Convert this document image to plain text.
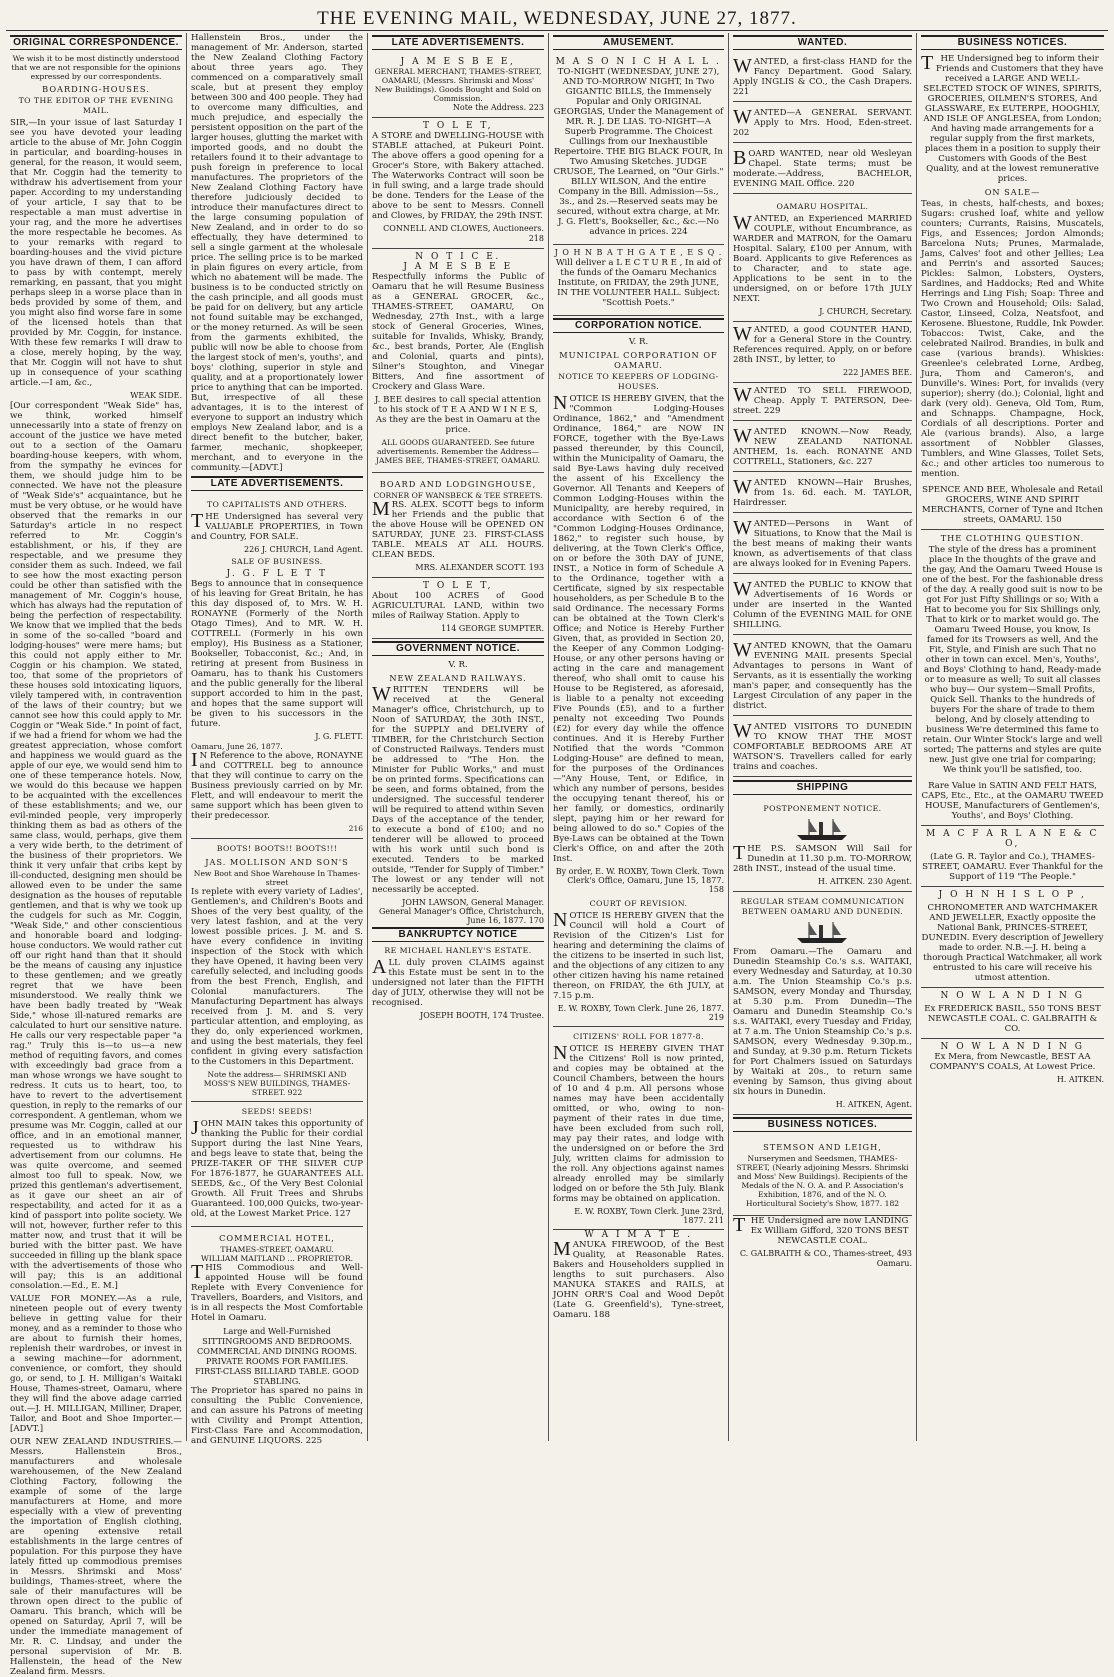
THE EVENING MAIL, WEDNESDAY, JUNE 27, 1877.
ORIGINAL CORRESPONDENCE.
We wish it to be most distinctly understood that we are not responsible for the opinions expressed by our correspondents.
BOARDING-HOUSES.
TO THE EDITOR OF THE EVENING MAIL.

SIR,—In your issue of last Saturday I see you have devoted your leading article to the abuse of Mr. John Coggin in particular, and boarding-houses in general, for the reason, it would seem, that Mr. Coggin had the temerity to withdraw his advertisement from your paper. According to my understanding of your article, I say that to be respectable a man must advertise in your rag, and the more he advertises the more respectable he becomes. As to your remarks with regard to boarding-houses and the vivid picture you have drawn of them, I can afford to pass by with contempt, merely remarking, en passant, that you might perhaps sleep in a worse place than in beds provided by some of them, and you might also find worse fare in some of the licensed hotels than that provided by Mr. Coggin, for instance. With these few remarks I will draw to a close, merely hoping, by the way, that Mr. Coggin will not have to shut up in consequence of your scathing article.—I am, &c.,

WEAK SIDE.

[Our correspondent "Weak Side" has, we think, worked himself unnecessarily into a state of frenzy on account of the justice we have meted out to a section of the Oamaru boarding-house keepers, with whom, from the sympathy he evinces for them, we should judge him to be connected. We have not the pleasure of "Weak Side's" acquaintance, but he must be very obtuse, or he would have observed that the remarks in our Saturday's article in no respect referred to Mr. Coggin's establishment, or his, if they are respectable, and we presume they consider them as such. Indeed, we fail to see how the most exacting person could be other than satisfied with the management of Mr. Coggin's house, which has always had the reputation of being the perfection of respectability. We know that we implied that the beds in some of the so-called "board and lodging-houses" were mere hams; but this could not apply either to Mr. Coggin or his champion. We stated, too, that some of the proprietors of these houses sold intoxicating liquors, vilely tampered with, in contravention of the laws of their country; but we cannot see how this could apply to Mr. Coggin or "Weak Side." In point of fact, if we had a friend for whom we had the greatest appreciation, whose comfort and happiness we would guard as the apple of our eye, we would send him to one of these temperance hotels. Now, we would do this because we happen to be acquainted with the excellences of these establishments; and we, our evil-minded people, very improperly thinking them as bad as others of the same class, would, perhaps, give them a very wide berth, to the detriment of the business of their proprietors. We think it very unfair that cribs kept by ill-conducted, designing men should be allowed even to be under the same designation as the houses of reputable gentlemen, and that is why we took up the cudgels for such as Mr. Coggin, "Weak Side," and other conscientious and honorable board and lodging-house conductors. We would rather cut off our right hand than that it should be the means of causing any injustice to these gentlemen; and we greatly regret that we have been misunderstood. We really think we have been badly treated by "Weak Side," whose ill-natured remarks are calculated to hurt our sensitive nature. He calls our very respectable paper "a rag." Truly this is—to us—a new method of requiting favors, and comes with exceedingly bad grace from a man whose wrongs we have sought to redress. It cuts us to heart, too, to have to revert to the advertisement question, in reply to the remarks of our correspondent. A gentleman, whom we presume was Mr. Coggin, called at our office, and in an emotional manner, requested us to withdraw his advertisement from our columns. He was quite overcome, and seemed almost too full to speak. Now, we prized this gentleman's advertisement, as it gave our sheet an air of respectability, and acted for it as a kind of passport into polite society. We will not, however, further refer to this matter now, and trust that it will be buried with the bitter past. We have succeeded in filling up the blank space with the advertisements of those who will pay; this is an additional consolation.—Ed., E. M.]

VALUE FOR MONEY.—As a rule, nineteen people out of every twenty believe in getting value for their money, and as a reminder to those who are about to furnish their homes, replenish their wardrobes, or invest in a sewing machine—for adornment, convenience, or comfort, they should go, or send, to J. H. Milligan's Waitaki House, Thames-street, Oamaru, where they will find the above adage carried out.—J. H. MILLIGAN, Milliner, Draper, Tailor, and Boot and Shoe Importer.—[ADVT.]

OUR NEW ZEALAND INDUSTRIES.—Messrs. Hallenstein Bros., manufacturers and wholesale warehousemen, of the New Zealand Clothing Factory, following the example of some of the large manufacturers at Home, and more especially with a view of preventing the importation of English clothing, are opening extensive retail establishments in the large centres of population. For this purpose they have lately fitted up commodious premises in Messrs. Shrimski and Moss' buildings, Thames-street, where the sale of their manufactures will be thrown open direct to the public of Oamaru. This branch, which will be opened on Saturday, April 7, will be under the immediate management of Mr. R. C. Lindsay, and under the personal supervision of Mr. B. Hallenstein, the head of the New Zealand firm. Messrs.

Hallenstein Bros., under the management of Mr. Anderson, started the New Zealand Clothing Factory about three years ago. They commenced on a comparatively small scale, but at present they employ between 300 and 400 people. They had to overcome many difficulties, and much prejudice, and especially the persistent opposition on the part of the larger houses, glutting the market with imported goods, and no doubt the retailers found it to their advantage to push foreign in preference to local manufactures. The proprietors of the New Zealand Clothing Factory have therefore judiciously decided to introduce their manufactures direct to the large consuming population of New Zealand, and in order to do so effectually, they have determined to sell a single garment at the wholesale price. The selling price is to be marked in plain figures on every article, from which no abatement will be made. The business is to be conducted strictly on the cash principle, and all goods must be paid for on delivery, but any article not found suitable may be exchanged, or the money returned. As will be seen from the garments exhibited, the public will now be able to choose from the largest stock of men's, youths', and boys' clothing, superior in style and quality, and at a proportionately lower price to anything that can be imported. But, irrespective of all these advantages, it is to the interest of everyone to support an industry which employs New Zealand labor, and is a direct benefit to the butcher, baker, farmer, mechanic, shopkeeper, merchant, and to everyone in the community.—[ADVT.]

LATE ADVERTISEMENTS.
TO CAPITALISTS AND OTHERS.

THE Undersigned has several very VALUABLE PROPERTIES, in Town and Country, FOR SALE.

226 J. CHURCH, Land Agent.
SALE OF BUSINESS.
J. G. F L E T T

Begs to announce that in consequence of his leaving for Great Britain, he has this day disposed of, to Mrs. W. H. RONAYNE (Formerly of the North Otago Times), And to MR. W. H. COTTRELL (Formerly in his own employ), His Business as a Stationer, Bookseller, Tobacconist, &c.; And, in retiring at present from Business in Oamaru, has to thank his Customers and the public generally for the liberal support accorded to him in the past, and hopes that the same support will be given to his successors in the future.

J. G. FLETT.
Oamaru, June 26, 1877.

IN Reference to the above, RONAYNE and COTTRELL beg to announce that they will continue to carry on the Business previously carried on by Mr. Flett, and will endeavour to merit the same support which has been given to their predecessor.

216
BOOTS! BOOTS!! BOOTS!!!
JAS. MOLLISON AND SON'S
New Boot and Shoe Warehouse In Thames-street

Is replete with every variety of Ladies', Gentlemen's, and Children's Boots and Shoes of the very best quality, of the very latest fashion, and at the very lowest possible prices. J. M. and S. have every confidence in inviting inspection of the Stock with which they have Opened, it having been very carefully selected, and including goods from the best French, English, and Colonial manufacturers. The Manufacturing Department has always received from J. M. and S. very particular attention, and employing, as they do, only experienced workmen, and using the best materials, they feel confident in giving every satisfaction to the Customers in this Department.

Note the address— SHRIMSKI AND MOSS'S NEW BUILDINGS, THAMES-STREET. 922
SEEDS! SEEDS!

JOHN MAIN takes this opportunity of thanking the Public for their cordial Support during the last Nine Years, and begs leave to state that, being the PRIZE-TAKER OF THE SILVER CUP For 1876-1877, he GUARANTEES ALL SEEDS, &c., Of the Very Best Colonial Growth. All Fruit Trees and Shrubs Guaranteed. 100,000 Quicks, two-year-old, at the Lowest Market Price. 127

COMMERCIAL HOTEL,
THAMES-STREET, OAMARU.
WILLIAM MAITLAND ... PROPRIETOR.

THIS Commodious and Well-appointed House will be found Replete with Every Convenience for Travellers, Boarders, and Visitors, and is in all respects the Most Comfortable Hotel in Oamaru.

Large and Well-Furnished SITTINGROOMS AND BEDROOMS. COMMERCIAL AND DINING ROOMS. PRIVATE ROOMS FOR FAMILIES. FIRST-CLASS BILLIARD TABLE. GOOD STABLING.

The Proprietor has spared no pains in consulting the Public Convenience, and can assure his Patrons of meeting with Civility and Prompt Attention, First-Class Fare and Accommodation, and GENUINE LIQUORS. 225

LATE ADVERTISEMENTS.
J A M E S B E E,
GENERAL MERCHANT, THAMES-STREET, OAMARU, (Messrs. Shrimski and Moss' New Buildings). Goods Bought and Sold on Commission.
Note the Address. 223
T O L E T,

A STORE and DWELLING-HOUSE with STABLE attached, at Pukeuri Point. The above offers a good opening for a Grocer's Store, with Bakery attached. The Waterworks Contract will soon be in full swing, and a large trade should be done. Tenders for the Lease of the above to be sent to Messrs. Connell and Clowes, by FRIDAY, the 29th INST.

CONNELL AND CLOWES, Auctioneers. 218
N O T I C E.
J A M E S B E E

Respectfully informs the Public of Oamaru that he will Resume Business as a GENERAL GROCER, &c., THAMES-STREET, OAMARU, On Wednesday, 27th Inst., with a large stock of General Groceries, Wines, suitable for Invalids, Whisky, Brandy, &c., best brands, Porter, Ale (English and Colonial, quarts and pints), Silner's Stoughton, and Vinegar Bitters, And fine assortment of Crockery and Glass Ware.

J. BEE desires to call special attention to his stock of T E A AND W I N E S, As they are the best in Oamaru at the price.

ALL GOODS GUARANTEED. See future advertisements. Remember the Address— JAMES BEE, THAMES-STREET, OAMARU.

BOARD AND LODGINGHOUSE,
CORNER OF WANSBECK & TEE STREETS.

MRS. ALEX. SCOTT begs to inform her Friends and the public that the above House will be OPENED ON SATURDAY, JUNE 23. FIRST-CLASS TABLE. MEALS AT ALL HOURS. CLEAN BEDS.

MRS. ALEXANDER SCOTT. 193
T O L E T,

About 100 ACRES of Good AGRICULTURAL LAND, within two miles of Railway Station. Apply to

114 GEORGE SUMPTER.
GOVERNMENT NOTICE.
V. R.
NEW ZEALAND RAILWAYS.

WRITTEN TENDERS will be received at the General Manager's office, Christchurch, up to Noon of SATURDAY, the 30th INST., for the SUPPLY and DELIVERY of TIMBER, for the Christchurch Section of Constructed Railways. Tenders must be addressed to "The Hon. the Minister for Public Works," and must be on printed forms. Specifications can be seen, and forms obtained, from the undersigned. The successful tenderer will be required to attend within Seven Days of the acceptance of the tender, to execute a bond of £100; and no tenderer will be allowed to proceed with his work until such bond is executed. Tenders to be marked outside, "Tender for Supply of Timber." The lowest or any tender will not necessarily be accepted.

JOHN LAWSON, General Manager. General Manager's Office, Christchurch, June 16, 1877. 170
BANKRUPTCY NOTICE
RE MICHAEL HANLEY'S ESTATE.

ALL duly proven CLAIMS against this Estate must be sent in to the undersigned not later than the FIFTH day of JULY, otherwise they will not be recognised.

JOSEPH BOOTH, 174 Trustee.
AMUSEMENT.
M A S O N I C H A L L .

TO-NIGHT (WEDNESDAY, JUNE 27), AND TO-MORROW NIGHT, In Two GIGANTIC BILLS, the Immensely Popular and Only ORIGINAL GEORGIAS, Under the Management of MR. R. J. DE LIAS. TO-NIGHT—A Superb Programme. The Choicest Cullings from our Inexhaustible Repertoire. THE BIG BLACK FOUR, In Two Amusing Sketches. JUDGE CRUSOE, The Learned, on "Our Girls." BILLY WILSON, And the entire Company in the Bill. Admission—5s., 3s., and 2s.—Reserved seats may be secured, without extra charge, at Mr. J. G. Flett's, Bookseller, &c., &c.—No advance in prices. 224

J O H N B A T H G A T E , E S Q .

Will deliver a L E C T U R E , In aid of the funds of the Oamaru Mechanics Institute, on FRIDAY, the 29th JUNE, IN THE VOLUNTEER HALL. Subject: "Scottish Poets."

CORPORATION NOTICE.
V. R.
MUNICIPAL CORPORATION OF OAMARU.
NOTICE TO KEEPERS OF LODGING-HOUSES.

NOTICE IS HEREBY GIVEN, that the "Common Lodging-Houses Ordinance, 1862," and "Amendment Ordinance, 1864," are NOW IN FORCE, together with the Bye-Laws passed thereunder, by this Council, within the Municipality of Oamaru, the said Bye-Laws having duly received the assent of his Excellency the Governor. All Tenants and Keepers of Common Lodging-Houses within the Municipality, are hereby required, in accordance with Section 6 of the "Common Lodging-Houses Ordinance, 1862," to register such house, by delivering, at the Town Clerk's Office, on or before the 30th DAY of JUNE, INST., a Notice in form of Schedule A to the Ordinance, together with a Certificate, signed by six respectable householders, as per Schedule B to the said Ordinance. The necessary Forms can be obtained at the Town Clerk's Office; and Notice is Hereby Further Given, that, as provided in Section 20, the Keeper of any Common Lodging-House, or any other persons having or acting in the care and management thereof, who shall omit to cause his House to be Registered, as aforesaid, is liable to a penalty not exceeding Five Pounds (£5), and to a further penalty not exceeding Two Pounds (£2) for every day while the offence continues. And it is Hereby Further Notified that the words "Common Lodging-House" are defined to mean, for the purposes of the Ordinances—"Any House, Tent, or Edifice, in which any number of persons, besides the occupying tenant thereof, his or her family, or domestics, ordinarily slept, paying him or her reward for being allowed to do so." Copies of the Bye-Laws can be obtained at the Town Clerk's Office, on and after the 20th Inst.

By order, E. W. ROXBY, Town Clerk. Town Clerk's Office, Oamaru, June 15, 1877. 158
COURT OF REVISION.

NOTICE IS HEREBY GIVEN that the Council will hold a Court of Revision of the Citizen's List for hearing and determining the claims of the citizens to be inserted in such list, and the objections of any citizen to any other citizen having his name retained thereon, on FRIDAY, the 6th JULY, at 7.15 p.m.

E. W. ROXBY, Town Clerk. June 26, 1877. 219
CITIZENS' ROLL FOR 1877-8.

NOTICE IS HEREBY GIVEN THAT the Citizens' Roll is now printed, and copies may be obtained at the Council Chambers, between the hours of 10 and 4 p.m. All persons whose names may have been accidentally omitted, or who, owing to non-payment of their rates in due time, have been excluded from such roll, may pay their rates, and lodge with the undersigned on or before the 3rd July, written claims for admission to the roll. Any objections against names already enrolled may be similarly lodged on or before the 5th July. Blank forms may be obtained on application.

E. W. ROXBY, Town Clerk. June 23rd, 1877. 211
W A I M A T E .

MANUKA FIREWOOD, of the Best Quality, at Reasonable Rates. Bakers and Householders supplied in lengths to suit purchasers. Also MANUKA STAKES and RAILS, at JOHN ORR'S Coal and Wood Depôt (Late G. Greenfield's), Tyne-street, Oamaru. 188

WANTED.

WANTED, a first-class HAND for the Fancy Department. Good Salary. Apply INGLIS & CO., the Cash Drapers. 221

WANTED—A GENERAL SERVANT. Apply to Mrs. Hood, Eden-street. 202

BOARD WANTED, near old Wesleyan Chapel. State terms; must be moderate.—Address, BACHELOR, EVENING MAIL Office. 220

OAMARU HOSPITAL.

WANTED, an Experienced MARRIED COUPLE, without Encumbrance, as WARDER and MATRON, for the Oamaru Hospital. Salary, £100 per Annum, with Board. Applicants to give References as to Character, and to state age. Applications to be sent in to the undersigned, on or before 17th JULY NEXT.

J. CHURCH, Secretary.

WANTED, a good COUNTER HAND, for a General Store in the Country. References required. Apply, on or before 28th INST., by letter, to

222 JAMES BEE.

WANTED TO SELL FIREWOOD, Cheap. Apply T. PATERSON, Dee-street. 229

WANTED KNOWN.—Now Ready, NEW ZEALAND NATIONAL ANTHEM, 1s. each. RONAYNE AND COTTRELL, Stationers, &c. 227

WANTED KNOWN—Hair Brushes, from 1s. 6d. each. M. TAYLOR, Hairdresser.

WANTED—Persons in Want of Situations, to Know that the Mail is the best means of making their wants known, as advertisements of that class are always looked for in Evening Papers.

WANTED the PUBLIC to KNOW that Advertisements of 16 Words or under are inserted in the Wanted Column of the EVENING MAIL for ONE SHILLING.

WANTED KNOWN, that the Oamaru EVENING MAIL presents Special Advantages to persons in Want of Servants, as it is essentially the working man's paper, and consequently has the Largest Circulation of any paper in the district.

WANTED VISITORS TO DUNEDIN TO KNOW THAT THE MOST COMFORTABLE BEDROOMS ARE AT WATSON'S. Travellers called for early trains and coaches.

SHIPPING
POSTPONEMENT NOTICE.

THE P.S. SAMSON Will Sail for Dunedin at 11.30 p.m. TO-MORROW, 28th INST., instead of the usual time.

H. AITKEN. 230 Agent.
REGULAR STEAM COMMUNICATION BETWEEN OAMARU AND DUNEDIN.

From Oamaru.—The Oamaru and Dunedin Steamship Co.'s s.s. WAITAKI, every Wednesday and Saturday, at 10.30 a.m. The Union Steamship Co.'s p.s. SAMSON, every Monday and Thursday, at 5.30 p.m. From Dunedin—The Oamaru and Dunedin Steamship Co.'s s.s. WAITAKI, every Tuesday and Friday, at 7 a.m. The Union Steamship Co.'s p.s. SAMSON, every Wednesday 9.30p.m., and Sunday, at 9.30 p.m. Return Tickets for Port Chalmers issued on Saturdays by Waitaki at 20s., to return same evening by Samson, thus giving about six hours in Dunedin.

H. AITKEN, Agent.
BUSINESS NOTICES.
STEMSON AND LEIGH,

Nurserymen and Seedsmen, THAMES-STREET, (Nearly adjoining Messrs. Shrimski and Moss' New Buildings). Recipients of the Medals of the N. O. A. and P. Association's Exhibition, 1876, and of the N. O. Horticultural Society's Show, 1877. 182

THE Undersigned are now LANDING Ex William Gifford, 320 TONS BEST NEWCASTLE COAL.

C. GALBRAITH & CO., Thames-street, 493 Oamaru.
BUSINESS NOTICES.

THE Undersigned beg to inform their Friends and Customers that they have received a LARGE AND WELL-SELECTED STOCK OF WINES, SPIRITS, GROCERIES, OILMEN'S STORES, And GLASSWARE, Ex EUTERPE, HOOGHLY, AND ISLE OF ANGLESEA, from London; And having made arrangements for a regular supply from the first markets, places them in a position to supply their Customers with Goods of the Best Quality, and at the lowest remunerative prices.

ON SALE—

Teas, in chests, half-chests, and boxes; Sugars: crushed loaf, white and yellow counters; Currants, Raisins, Muscatels, Figs, and Essences; Jordon Almonds; Barcelona Nuts; Prunes, Marmalade, Jams, Calves' foot and other Jellies; Lea and Perrin's and assorted Sauces; Pickles: Salmon, Lobsters, Oysters, Sardines, and Haddocks; Red and White Herrings and Ling Fish; Soap: Three and Two Crown and Household; Oils: Salad, Castor, Linseed, Colza, Neatsfoot, and Kerosene. Bluestone, Ruddle, Ink Powder. Tobaccos: Twist, Cake, and the celebrated Nailrod. Brandies, in bulk and case (various brands). Whiskies: Greenlee's celebrated Lorne, Ardbeg, Jura, Thom and Cameron's, and Dunville's. Wines: Port, for invalids (very superior); sherry (do.); Colonial, light and dark (very old). Geneva, Old Tom, Rum, and Schnapps. Champagne, Hock, Cordials of all descriptions. Porter and Ale (various brands). Also, a large assortment of Nobbler Glasses, Tumblers, and Wine Glasses, Toilet Sets, &c.; and other articles too numerous to mention.

SPENCE AND BEE, Wholesale and Retail GROCERS, WINE AND SPIRIT MERCHANTS, Corner of Tyne and Itchen streets, OAMARU. 150

THE CLOTHING QUESTION.

The style of the dress has a prominent place In the thoughts of the grave and the gay, And the Oamaru Tweed House is one of the best. For the fashionable dress of the day. A really good suit is now to be got For just Fifty Shillings or so; With a Hat to become you for Six Shillings only, That to kirk or to market would go. The Oamaru Tweed House, you know, Is famed for its Trowsers as well, And the Fit, Style, and Finish are such That no other in town can excel. Men's, Youths', and Boys' Clothing to hand, Ready-made or to measure as well; To suit all classes who buy— Our system—Small Profits, Quick Sell. Thanks to the hundreds of buyers For the share of trade to them belong, And by closely attending to business We're determined this fame to retain. Our Winter Stock's large and well sorted; The patterns and styles are quite new. Just give one trial for comparing; We think you'll be satisfied, too.

Rare Value in SATIN AND FELT HATS, CAPS, Etc., Etc., at the OAMARU TWEED HOUSE, Manufacturers of Gentlemen's, Youths', and Boys' Clothing.

M A C F A R L A N E & C O,

(Late G. R. Taylor and Co.), THAMES-STREET, OAMARU. Ever Thankful for the Support of 119 "The People."

J O H N H I S L O P ,

CHRONOMETER AND WATCHMAKER AND JEWELLER, Exactly opposite the National Bank, PRINCES-STREET, DUNEDIN. Every description of Jewellery made to order. N.B.—J. H. being a thorough Practical Watchmaker, all work entrusted to his care will receive his utmost attention.

N O W L A N D I N G

Ex FREDERICK BASIL, 550 TONS BEST NEWCASTLE COAL. C. GALBRAITH & CO.

N O W L A N D I N G

Ex Mera, from Newcastle, BEST AA COMPANY'S COALS, At Lowest Price.

H. AITKEN.
